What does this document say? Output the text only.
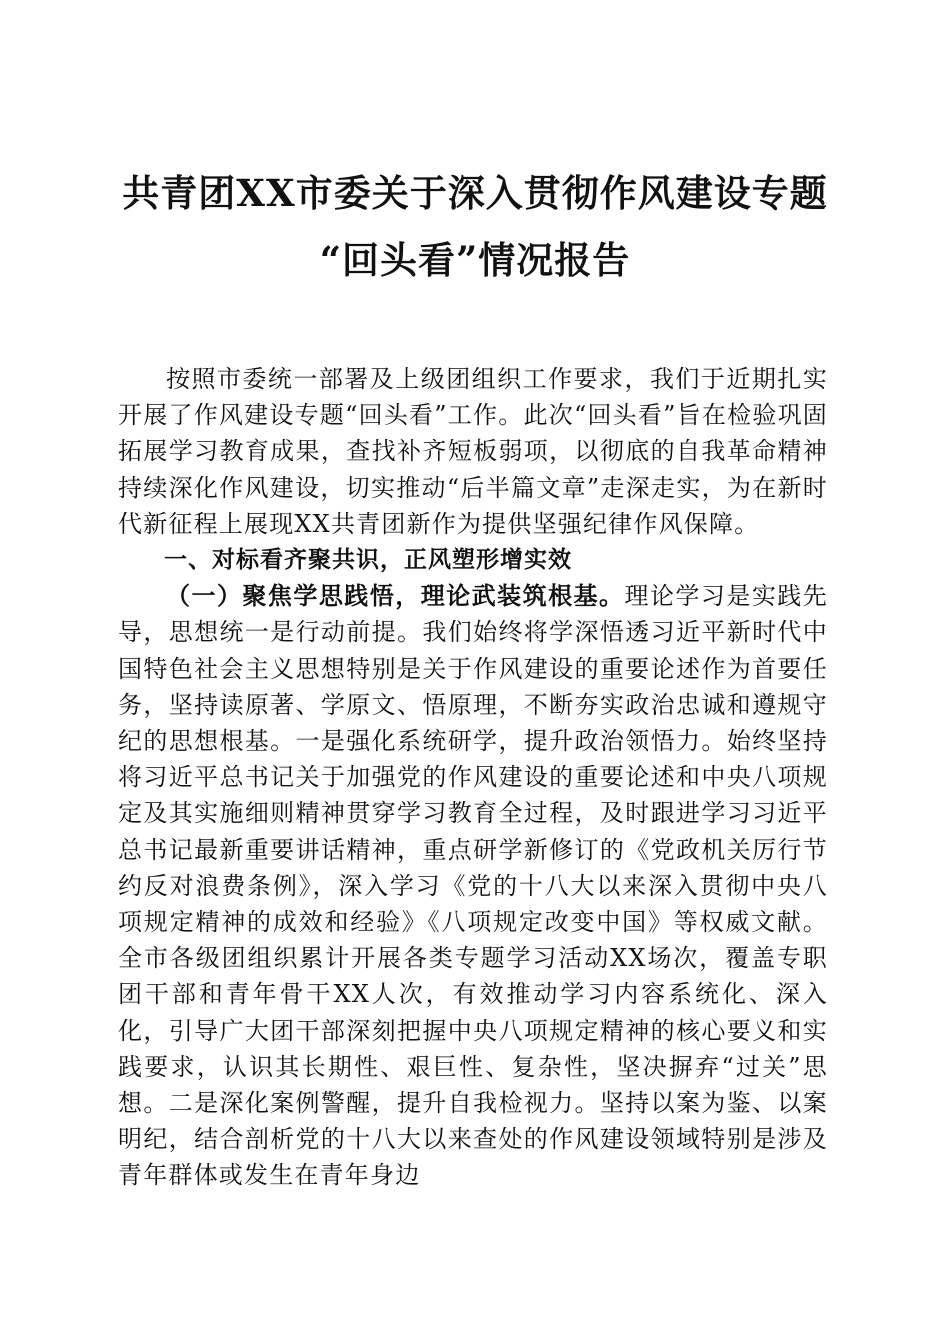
共青团XX市委关于深入贯彻作风建设专题
“回头看”情况报告

按照市委统一部署及上级团组织工作要求，我们于近期扎实开展了作风建设专题“回头看”工作。此次“回头看”旨在检验巩固拓展学习教育成果，查找补齐短板弱项，以彻底的自我革命精神持续深化作风建设，切实推动“后半篇文章”走深走实，为在新时代新征程上展现XX共青团新作为提供坚强纪律作风保障。

一、对标看齐聚共识，正风塑形增实效

（一）聚焦学思践悟，理论武装筑根基。理论学习是实践先导，思想统一是行动前提。我们始终将学深悟透习近平新时代中国特色社会主义思想特别是关于作风建设的重要论述作为首要任务，坚持读原著、学原文、悟原理，不断夯实政治忠诚和遵规守纪的思想根基。一是强化系统研学，提升政治领悟力。始终坚持将习近平总书记关于加强党的作风建设的重要论述和中央八项规定及其实施细则精神贯穿学习教育全过程，及时跟进学习习近平总书记最新重要讲话精神，重点研学新修订的《党政机关厉行节约反对浪费条例》，深入学习《党的十八大以来深入贯彻中央八项规定精神的成效和经验》《八项规定改变中国》等权威文献。全市各级团组织累计开展各类专题学习活动XX场次，覆盖专职团干部和青年骨干XX人次，有效推动学习内容系统化、深入化，引导广大团干部深刻把握中央八项规定精神的核心要义和实践要求，认识其长期性、艰巨性、复杂性，坚决摒弃“过关”思想。二是深化案例警醒，提升自我检视力。坚持以案为鉴、以案明纪，结合剖析党的十八大以来查处的作风建设领域特别是涉及青年群体或发生在青年身边
